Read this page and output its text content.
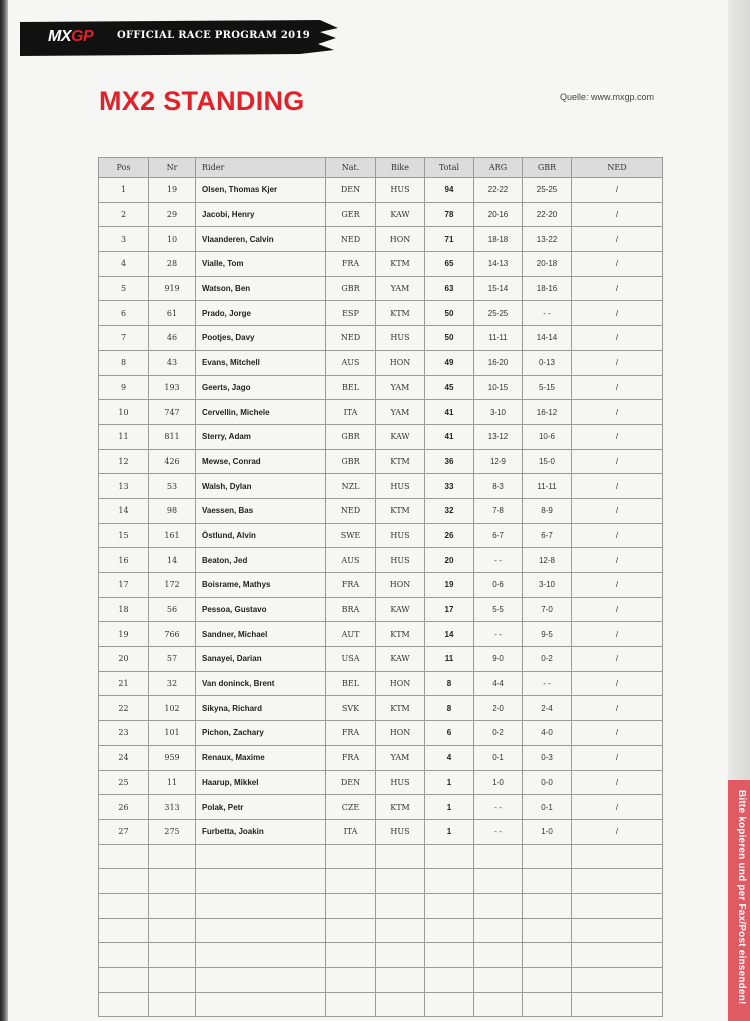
MXGP OFFICIAL RACE PROGRAM 2019
MX2 STANDING	Quelle: www.mxgp.com
Pos	Nr	Rider	Nat.	Bike	Total	ARG	GBR	NED
1	19	Olsen, Thomas Kjer	DEN	HUS	94	22-22	25-25	/
2	29	Jacobi, Henry	GER	KAW	78	20-16	22-20	/
3	10	Vlaanderen, Calvin	NED	HON	71	18-18	13-22	/
4	28	Vialle, Tom	FRA	KTM	65	14-13	20-18	/
5	919	Watson, Ben	GBR	YAM	63	15-14	18-16	/
6	61	Prado, Jorge	ESP	KTM	50	25-25	- -	/
7	46	Pootjes, Davy	NED	HUS	50	11-11	14-14	/
8	43	Evans, Mitchell	AUS	HON	49	16-20	0-13	/
9	193	Geerts, Jago	BEL	YAM	45	10-15	5-15	/
10	747	Cervellin, Michele	ITA	YAM	41	3-10	16-12	/
11	811	Sterry, Adam	GBR	KAW	41	13-12	10-6	/
12	426	Mewse, Conrad	GBR	KTM	36	12-9	15-0	/
13	53	Walsh, Dylan	NZL	HUS	33	8-3	11-11	/
14	98	Vaessen, Bas	NED	KTM	32	7-8	8-9	/
15	161	Östlund, Alvin	SWE	HUS	26	6-7	6-7	/
16	14	Beaton, Jed	AUS	HUS	20	- -	12-8	/
17	172	Boisrame, Mathys	FRA	HON	19	0-6	3-10	/
18	56	Pessoa, Gustavo	BRA	KAW	17	5-5	7-0	/
19	766	Sandner, Michael	AUT	KTM	14	- -	9-5	/
20	57	Sanayei, Darian	USA	KAW	11	9-0	0-2	/
21	32	Van doninck, Brent	BEL	HON	8	4-4	- -	/
22	102	Sikyna, Richard	SVK	KTM	8	2-0	2-4	/
23	101	Pichon, Zachary	FRA	HON	6	0-2	4-0	/
24	959	Renaux, Maxime	FRA	YAM	4	0-1	0-3	/
25	11	Haarup, Mikkel	DEN	HUS	1	1-0	0-0	/
26	313	Polak, Petr	CZE	KTM	1	- -	0-1	/
27	275	Furbetta, Joakin	ITA	HUS	1	- -	1-0	/

									Bitte kopieren und per Fax/Post einsenden!
